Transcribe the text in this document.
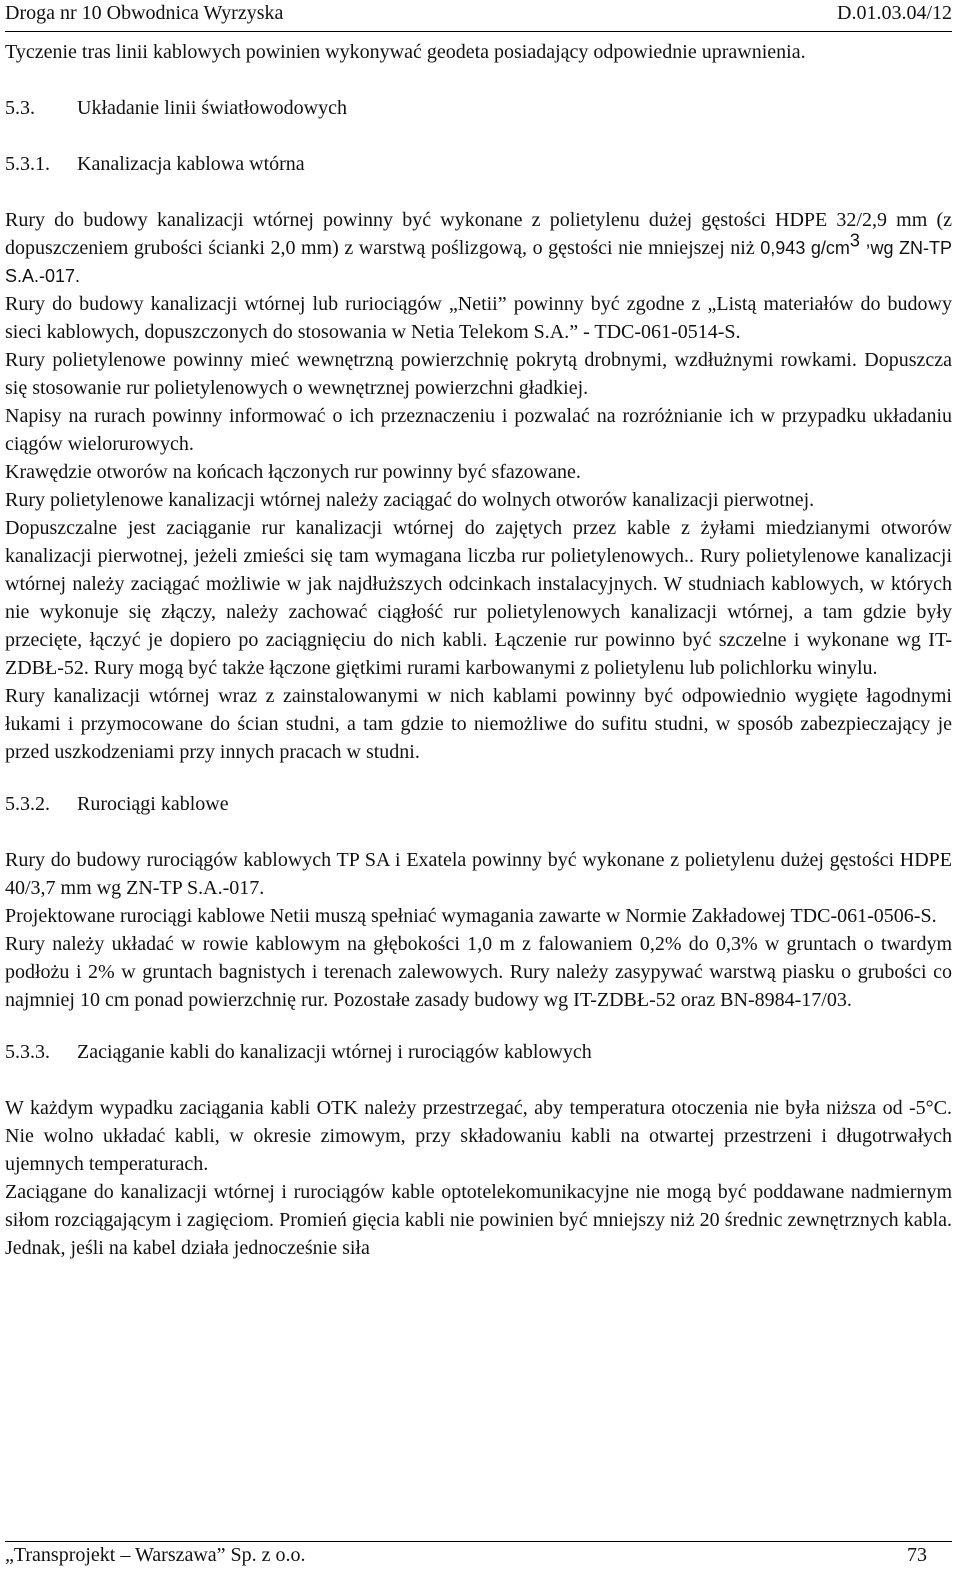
Droga nr 10 Obwodnica Wyrzyska	D.01.03.04/12

Tyczenie tras linii kablowych powinien wykonywać geodeta posiadający odpowiednie uprawnienia.

5.3. Układanie linii światłowodowych
5.3.1. Kanalizacja kablowa wtórna

Rury do budowy kanalizacji wtórnej powinny być wykonane z polietylenu dużej gęstości HDPE 32/2,9 mm (z dopuszczeniem grubości ścianki 2,0 mm) z warstwą poślizgową, o gęstości nie mniejszej niż 0,943 $g/cm^{3 ,}wg$ ZN-TP S.A.-017.

Rury do budowy kanalizacji wtórnej lub ruriociągów „Netii” powinny być zgodne z „Listą materiałów do budowy sieci kablowych, dopuszczonych do stosowania w Netia Telekom S.A.” - TDC-061-0514-S.

Rury polietylenowe powinny mieć wewnętrzną powierzchnię pokrytą drobnymi, wzdłużnymi rowkami. Dopuszcza się stosowanie rur polietylenowych o wewnętrznej powierzchni gładkiej.

Napisy na rurach powinny informować o ich przeznaczeniu i pozwalać na rozróżnianie ich w przypadku układaniu ciągów wielorurowych.

Krawędzie otworów na końcach łączonych rur powinny być sfazowane.

Rury polietylenowe kanalizacji wtórnej należy zaciągać do wolnych otworów kanalizacji pierwotnej.

Dopuszczalne jest zaciąganie rur kanalizacji wtórnej do zajętych przez kable z żyłami miedzianymi otworów kanalizacji pierwotnej, jeżeli zmieści się tam wymagana liczba rur polietylenowych.. Rury polietylenowe kanalizacji wtórnej należy zaciągać możliwie w jak najdłuższych odcinkach instalacyjnych. W studniach kablowych, w których nie wykonuje się złączy, należy zachować ciągłość rur polietylenowych kanalizacji wtórnej, a tam gdzie były przecięte, łączyć je dopiero po zaciągnięciu do nich kabli. Łączenie rur powinno być szczelne i wykonane wg IT-ZDBŁ-52. Rury mogą być także łączone giętkimi rurami karbowanymi z polietylenu lub polichlorku winylu.

Rury kanalizacji wtórnej wraz z zainstalowanymi w nich kablami powinny być odpowiednio wygięte łagodnymi łukami i przymocowane do ścian studni, a tam gdzie to niemożliwe do sufitu studni, w sposób zabezpieczający je przed uszkodzeniami przy innych pracach w studni.

5.3.2. Rurociągi kablowe

Rury do budowy rurociągów kablowych TP SA i Exatela powinny być wykonane z polietylenu dużej gęstości HDPE 40/3,7 mm wg ZN-TP S.A.-017.

Projektowane rurociągi kablowe Netii muszą spełniać wymagania zawarte w Normie Zakładowej TDC-061-0506-S.

Rury należy układać w rowie kablowym na głębokości 1,0 m z falowaniem 0,2% do 0,3% w gruntach o twardym podłożu i 2% w gruntach bagnistych i terenach zalewowych. Rury należy zasypywać warstwą piasku o grubości co najmniej 10 cm ponad powierzchnię rur. Pozostałe zasady budowy wg IT-ZDBŁ-52 oraz BN-8984-17/03.

5.3.3. Zaciąganie kabli do kanalizacji wtórnej i rurociągów kablowych

W każdym wypadku zaciągania kabli OTK należy przestrzegać, aby temperatura otoczenia nie była niższa od -5°C. Nie wolno układać kabli, w okresie zimowym, przy składowaniu kabli na otwartej przestrzeni i długotrwałych ujemnych temperaturach.

Zaciągane do kanalizacji wtórnej i rurociągów kable optotelekomunikacyjne nie mogą być poddawane nadmiernym siłom rozciągającym i zagięciom. Promień gięcia kabli nie powinien być mniejszy niż 20 średnic zewnętrznych kabla. Jednak, jeśli na kabel działa jednocześnie siła

„Transprojekt – Warszawa” Sp. z o.o.	73
